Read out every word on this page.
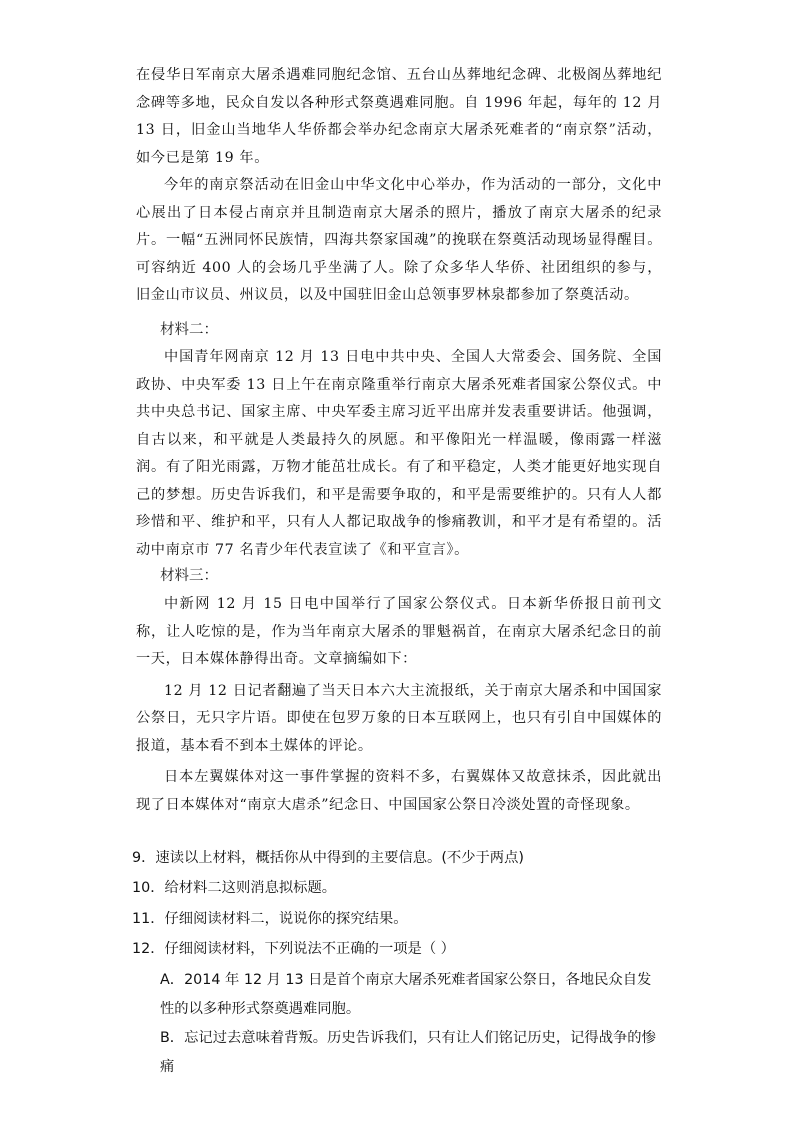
在侵华日军南京大屠杀遇难同胞纪念馆、五台山丛葬地纪念碑、北极阁丛葬地纪念碑等多地，民众自发以各种形式祭奠遇难同胞。自 1996 年起，每年的 12 月 13 日，旧金山当地华人华侨都会举办纪念南京大屠杀死难者的“南京祭”活动，如今已是第 19 年。

今年的南京祭活动在旧金山中华文化中心举办，作为活动的一部分，文化中心展出了日本侵占南京并且制造南京大屠杀的照片，播放了南京大屠杀的纪录片。一幅“五洲同怀民族情，四海共祭家国魂”的挽联在祭奠活动现场显得醒目。可容纳近 400 人的会场几乎坐满了人。除了众多华人华侨、社团组织的参与，旧金山市议员、州议员，以及中国驻旧金山总领事罗林泉都参加了祭奠活动。

材料二：

中国青年网南京 12 月 13 日电中共中央、全国人大常委会、国务院、全国政协、中央军委 13 日上午在南京隆重举行南京大屠杀死难者国家公祭仪式。中共中央总书记、国家主席、中央军委主席习近平出席并发表重要讲话。他强调，自古以来，和平就是人类最持久的夙愿。和平像阳光一样温暖，像雨露一样滋润。有了阳光雨露，万物才能茁壮成长。有了和平稳定，人类才能更好地实现自己的梦想。历史告诉我们，和平是需要争取的，和平是需要维护的。只有人人都珍惜和平、维护和平，只有人人都记取战争的惨痛教训，和平才是有希望的。活动中南京市 77 名青少年代表宣读了《和平宣言》。

材料三：

中新网 12 月 15 日电中国举行了国家公祭仪式。日本新华侨报日前刊文称，让人吃惊的是，作为当年南京大屠杀的罪魁祸首，在南京大屠杀纪念日的前一天，日本媒体静得出奇。文章摘编如下：

12 月 12 日记者翻遍了当天日本六大主流报纸，关于南京大屠杀和中国国家公祭日，无只字片语。即使在包罗万象的日本互联网上，也只有引自中国媒体的报道，基本看不到本土媒体的评论。

日本左翼媒体对这一事件掌握的资料不多，右翼媒体又故意抹杀，因此就出现了日本媒体对“南京大虐杀”纪念日、中国国家公祭日冷淡处置的奇怪现象。

9．速读以上材料，概括你从中得到的主要信息。(不少于两点)
10．给材料二这则消息拟标题。
11．仔细阅读材料二，说说你的探究结果。
12．仔细阅读材料，下列说法不正确的一项是（ ）

A．2014 年 12 月 13 日是首个南京大屠杀死难者国家公祭日，各地民众自发性的以多种形式祭奠遇难同胞。

B．忘记过去意味着背叛。历史告诉我们，只有让人们铭记历史，记得战争的惨痛
